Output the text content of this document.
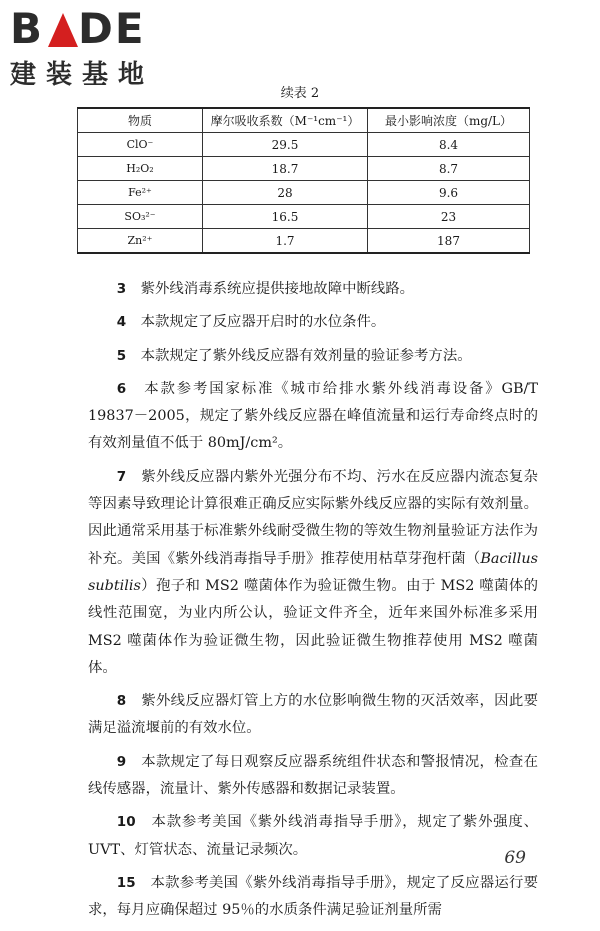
B DE
建装基地
续表 2
物质	摩尔吸收系数（M⁻¹cm⁻¹）	最小影响浓度（mg/L）
ClO⁻	29.5	8.4
H₂O₂	18.7	8.7
Fe²⁺	28	9.6
SO₃²⁻	16.5	23
Zn²⁺	1.7	187

3　 紫外线消毒系统应提供接地故障中断线路。

4　 本款规定了反应器开启时的水位条件。

5　 本款规定了紫外线反应器有效剂量的验证参考方法。

6　 本款参考国家标准《城市给排水紫外线消毒设备》GB/T 19837－2005，规定了紫外线反应器在峰值流量和运行寿命终点时的有效剂量值不低于 80mJ/cm²。

7　 紫外线反应器内紫外光强分布不均、污水在反应器内流态复杂等因素导致理论计算很难正确反应实际紫外线反应器的实际有效剂量。因此通常采用基于标准紫外线耐受微生物的等效生物剂量验证方法作为补充。美国《紫外线消毒指导手册》推荐使用枯草芽孢杆菌（Bacillus subtilis）孢子和 MS2 噬菌体作为验证微生物。由于 MS2 噬菌体的线性范围宽，为业内所公认，验证文件齐全，近年来国外标准多采用 MS2 噬菌体作为验证微生物，因此验证微生物推荐使用 MS2 噬菌体。

8　 紫外线反应器灯管上方的水位影响微生物的灭活效率，因此要满足溢流堰前的有效水位。

9　 本款规定了每日观察反应器系统组件状态和警报情况，检查在线传感器，流量计、紫外传感器和数据记录装置。

10　 本款参考美国《紫外线消毒指导手册》，规定了紫外强度、UVT、灯管状态、流量记录频次。

15　 本款参考美国《紫外线消毒指导手册》，规定了反应器运行要求，每月应确保超过 95％的水质条件满足验证剂量所需

69
